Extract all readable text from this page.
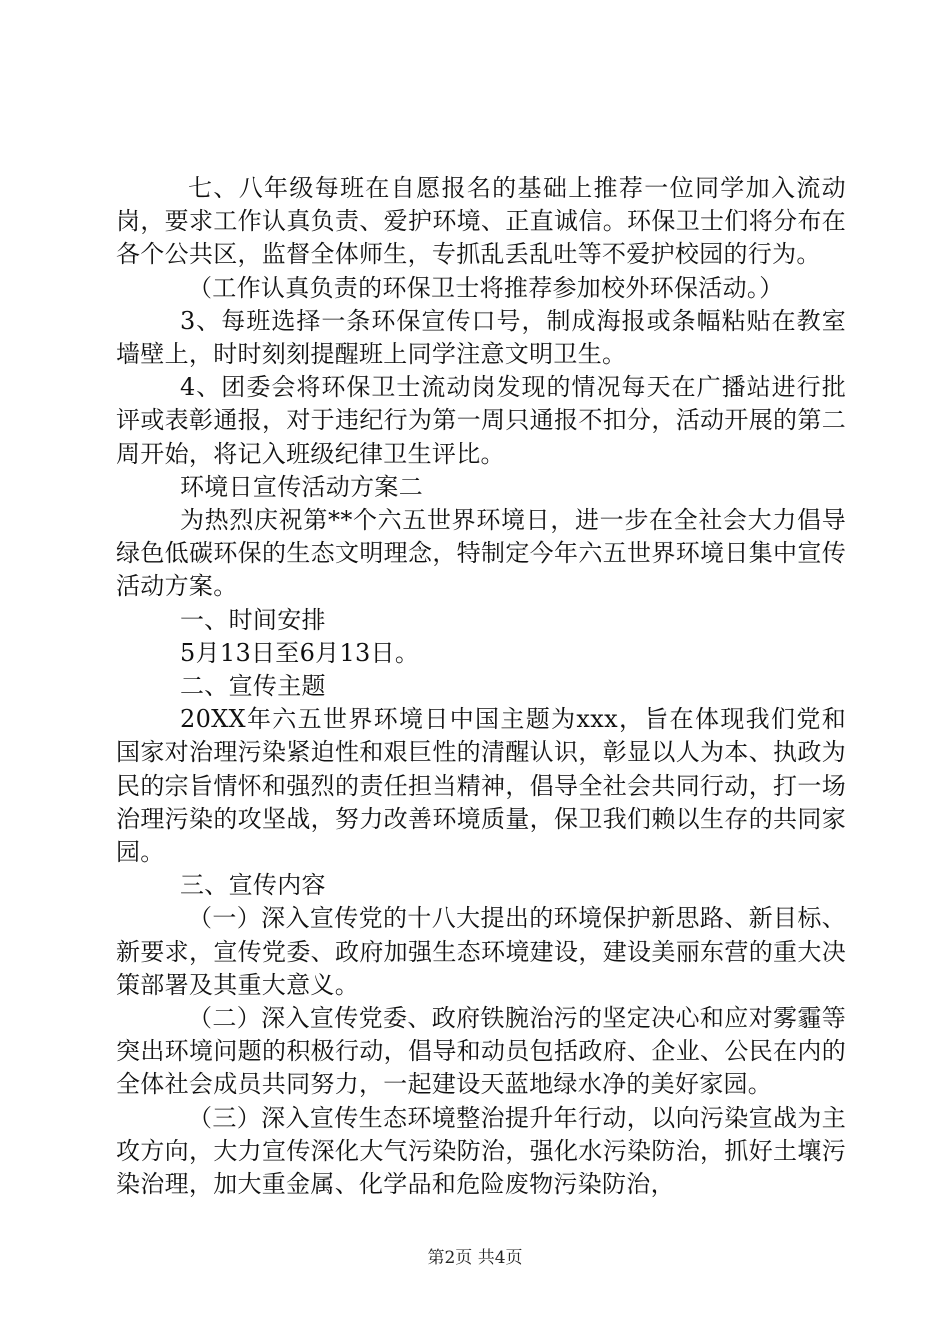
七、八年级每班在自愿报名的基础上推荐一位同学加入流动岗，要求工作认真负责、爱护环境、正直诚信。环保卫士们将分布在各个公共区，监督全体师生，专抓乱丢乱吐等不爱护校园的行为。

（工作认真负责的环保卫士将推荐参加校外环保活动。）

3、每班选择一条环保宣传口号，制成海报或条幅粘贴在教室墙壁上，时时刻刻提醒班上同学注意文明卫生。

4、团委会将环保卫士流动岗发现的情况每天在广播站进行批评或表彰通报，对于违纪行为第一周只通报不扣分，活动开展的第二周开始，将记入班级纪律卫生评比。

环境日宣传活动方案二

为热烈庆祝第**个六五世界环境日，进一步在全社会大力倡导绿色低碳环保的生态文明理念，特制定今年六五世界环境日集中宣传活动方案。

一、时间安排

5月13日至6月13日。

二、宣传主题

20XX年六五世界环境日中国主题为xxx，旨在体现我们党和国家对治理污染紧迫性和艰巨性的清醒认识，彰显以人为本、执政为民的宗旨情怀和强烈的责任担当精神，倡导全社会共同行动，打一场治理污染的攻坚战，努力改善环境质量，保卫我们赖以生存的共同家园。

三、宣传内容

（一）深入宣传党的十八大提出的环境保护新思路、新目标、新要求，宣传党委、政府加强生态环境建设，建设美丽东营的重大决策部署及其重大意义。

（二）深入宣传党委、政府铁腕治污的坚定决心和应对雾霾等突出环境问题的积极行动，倡导和动员包括政府、企业、公民在内的全体社会成员共同努力，一起建设天蓝地绿水净的美好家园。

（三）深入宣传生态环境整治提升年行动，以向污染宣战为主攻方向，大力宣传深化大气污染防治，强化水污染防治，抓好土壤污染治理，加大重金属、化学品和危险废物污染防治，

第2页 共4页
